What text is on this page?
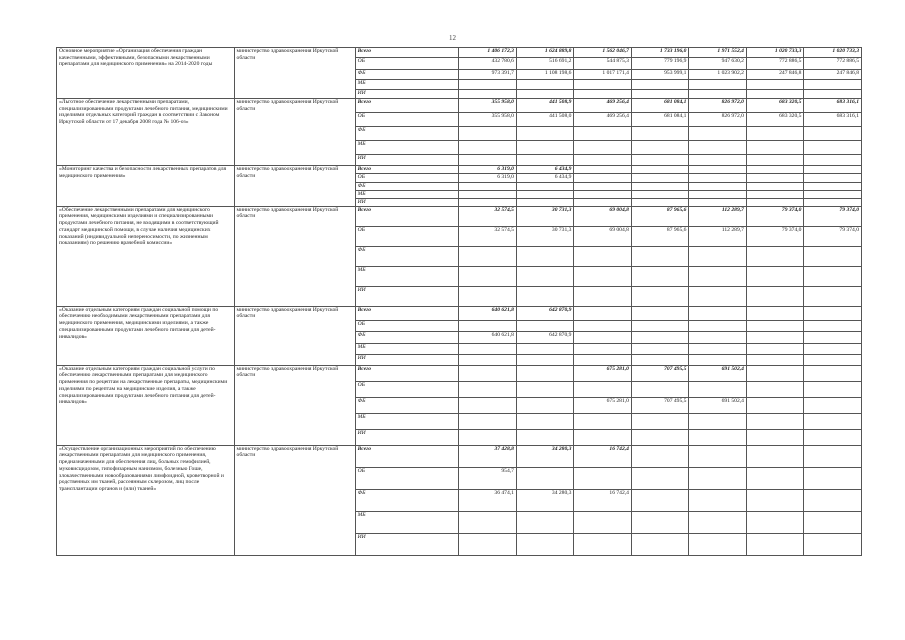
12
Основное мероприятие «Организация обеспечения граждан качественными, эффективными, безопасными лекарственными препаратами для медицинского применения» на 2014-2020 годы	министерство здравоохранения Иркутской области	Всего	1 406 172,3	1 624 889,8	1 562 046,7	1 733 196,0	1 971 552,4	1 020 733,3	1 020 733,3
		ОБ	432 780,6	516 691,2	544 875,3	779 196,9	947 630,2	772 886,5	772 886,5
		ФБ	973 391,7	1 108 198,6	1 017 171,4	953 999,1	1 023 902,2	247 846,8	247 846,8
		МБ							
		ИИ							
«Льготное обеспечение лекарственными препаратами, специализированными продуктами лечебного питания, медицинскими изделиями отдельных категорий граждан в соответствии с Законом Иркутской области от 17 декабря 2008 года № 106-оз»	министерство здравоохранения Иркутской области	Всего	355 958,0	441 508,9	469 256,4	681 084,1	826 972,0	683 320,5	683 316,1
		ОБ	355 958,0	441 508,0	469 256,4	681 084,1	826 972,0	683 320,5	683 316,1
		ФБ							
		МБ							
		ИИ							
«Мониторинг качества и безопасности лекарственных препаратов для медицинского применения»	министерство здравоохранения Иркутской области	Всего	6 319,0	6 434,9					
		ОБ	6 319,0	6 434,9					
		ФБ							
		МБ							
		ИИ							
«Обеспечение лекарственными препаратами для медицинского применения, медицинскими изделиями и специализированными продуктами лечебного питания, не входящими в соответствующий стандарт медицинской помощи, в случае наличия медицинских показаний (индивидуальной непереносимости, по жизненным показаниям) по решению врачебной комиссии»	министерство здравоохранения Иркутской области	Всего	32 574,5	30 731,3	69 004,8	87 965,6	112 289,7	79 374,0	79 374,0
		ОБ	32 574,5	30 731,3	69 004,8	87 965,6	112 289,7	79 374,0	79 374,0
		ФБ							
		МБ							
		ИИ							
«Оказание отдельным категориям граждан социальной помощи по обеспечению необходимыми лекарственными препаратами для медицинского применения, медицинскими изделиями, а также специализированными продуктами лечебного питания для детей-инвалидов»	министерство здравоохранения Иркутской области	Всего	640 621,8	642 870,9					
		ОБ							
		ФБ	640 621,8	642 870,9					
		МБ							
		ИИ							
«Оказание отдельным категориям граждан социальной услуги по обеспечению лекарственными препаратами для медицинского применения по рецептам на лекарственные препараты, медицинскими изделиями по рецептам на медицинские изделия, а также специализированными продуктами лечебного питания для детей-инвалидов»	министерство здравоохранения Иркутской области	Всего			675 281,0	707 495,5	691 502,4		
		ОБ							
		ФБ			675 281,0	707 495,5	691 502,4		
		МБ							
		ИИ							
«Осуществление организационных мероприятий по обеспечению лекарственными препаратами для медицинского применения, предназначенными для обеспечения лиц, больных гемофилией, муковисцидозом, гипофизарным нанизмом, болезнью Гоше, злокачественными новообразованиями лимфоидной, кроветворной и родственных им тканей, рассеянным склерозом, лиц после трансплантации органов и (или) тканей»	министерство здравоохранения Иркутской области	Всего	37 428,8	34 280,3	16 742,4				
		ОБ	954,7						
		ФБ	36 474,1	34 280,3	16 742,4				
		МБ							
		ИИ							
